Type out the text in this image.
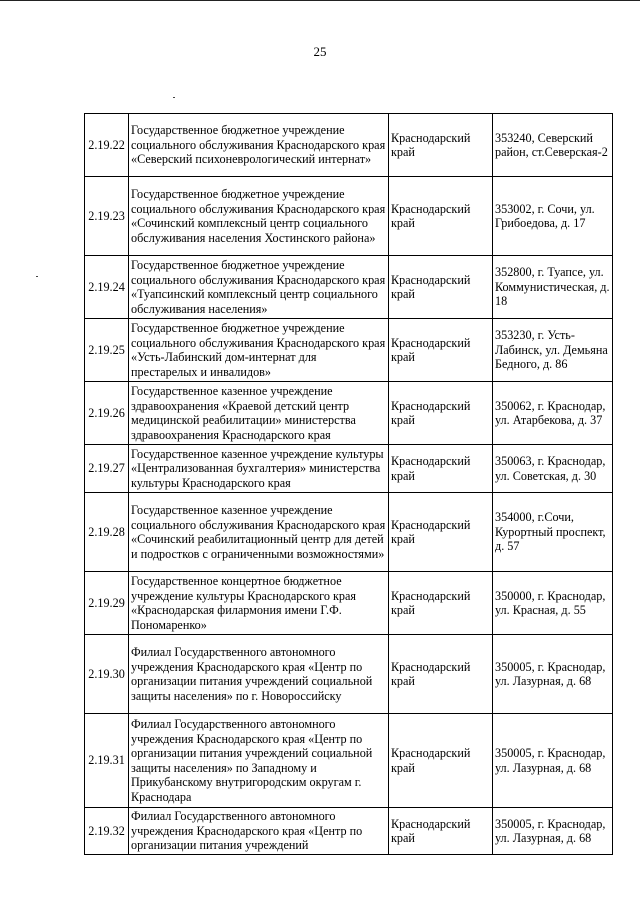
25
2.19.22	Государственное бюджетное учреждение социального обслуживания Краснодарского края «Северский психоневрологический интернат»	Краснодарский край	353240, Северский район, ст.Северская-2
2.19.23	Государственное бюджетное учреждение социального обслуживания Краснодарского края «Сочинский комплексный центр социального обслуживания населения Хостинского района»	Краснодарский край	353002, г. Сочи, ул. Грибоедова, д. 17
2.19.24	Государственное бюджетное учреждение социального обслуживания Краснодарского края «Туапсинский комплексный центр социального обслуживания населения»	Краснодарский край	352800, г. Туапсе, ул. Коммунистическая, д. 18
2.19.25	Государственное бюджетное учреждение социального обслуживания Краснодарского края «Усть-Лабинский дом-интернат для престарелых и инвалидов»	Краснодарский край	353230, г. Усть-Лабинск, ул. Демьяна Бедного, д. 86
2.19.26	Государственное казенное учреждение здравоохранения «Краевой детский центр медицинской реабилитации» министерства здравоохранения Краснодарского края	Краснодарский край	350062, г. Краснодар, ул. Атарбекова, д. 37
2.19.27	Государственное казенное учреждение культуры «Централизованная бухгалтерия» министерства культуры Краснодарского края	Краснодарский край	350063, г. Краснодар, ул. Советская, д. 30
2.19.28	Государственное казенное учреждение социального обслуживания Краснодарского края «Сочинский реабилитационный центр для детей и подростков с ограниченными возможностями»	Краснодарский край	354000, г.Сочи, Курортный проспект, д. 57
2.19.29	Государственное концертное бюджетное учреждение культуры Краснодарского края «Краснодарская филармония имени Г.Ф. Пономаренко»	Краснодарский край	350000, г. Краснодар, ул. Красная, д. 55
2.19.30	Филиал Государственного автономного учреждения Краснодарского края «Центр по организации питания учреждений социальной защиты населения» по г. Новороссийску	Краснодарский край	350005, г. Краснодар, ул. Лазурная, д. 68
2.19.31	Филиал Государственного автономного учреждения Краснодарского края «Центр по организации питания учреждений социальной защиты населения» по Западному и Прикубанскому внутригородским округам г. Краснодара	Краснодарский край	350005, г. Краснодар, ул. Лазурная, д. 68
2.19.32	Филиал Государственного автономного учреждения Краснодарского края «Центр по организации питания учреждений	Краснодарский край	350005, г. Краснодар, ул. Лазурная, д. 68
